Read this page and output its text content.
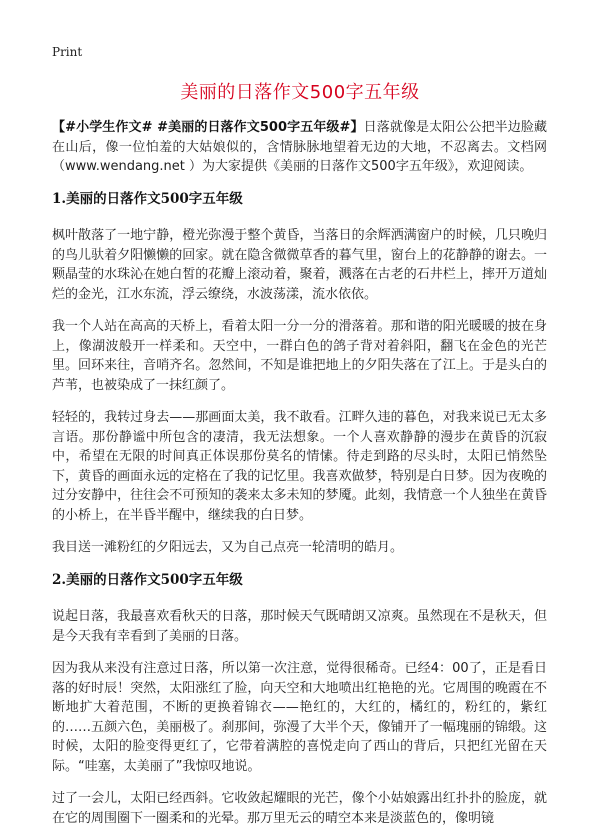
Print
美丽的日落作文500字五年级

【#小学生作文# #美丽的日落作文500字五年级#】日落就像是太阳公公把半边脸藏在山后，像一位怕羞的大姑娘似的，含情脉脉地望着无边的大地，不忍离去。文档网（www.wendang.net ）为大家提供《美丽的日落作文500字五年级》，欢迎阅读。

1.美丽的日落作文500字五年级

枫叶散落了一地宁静，橙光弥漫于整个黄昏，当落日的余辉洒满窗户的时候，几只晚归的鸟儿驮着夕阳懒懒的回家。就在隐含微微草香的暮气里，窗台上的花静静的谢去。一颗晶莹的水珠沁在她白皙的花瓣上滚动着，聚着，溅落在古老的石井栏上，摔开万道灿烂的金光，江水东流，浮云缭绕，水波荡漾，流水依依。

我一个人站在高高的天桥上，看着太阳一分一分的滑落着。那和谐的阳光暖暖的披在身上，像湖波般开一样柔和。天空中，一群白色的鸽子背对着斜阳，翻飞在金色的光芒里。回环来往，音哨齐名。忽然间，不知是谁把地上的夕阳失落在了江上。于是头白的芦苇，也被染成了一抹红颜了。

轻轻的，我转过身去——那画面太美，我不敢看。江畔久违的暮色，对我来说已无太多言语。那份静谧中所包含的凄清，我无法想象。一个人喜欢静静的漫步在黄昏的沉寂中，希望在无限的时间真正体误那份莫名的情愫。待走到路的尽头时，太阳已悄然坠下，黄昏的画面永远的定格在了我的记忆里。我喜欢做梦，特别是白日梦。因为夜晚的过分安静中，往往会不可预知的袭来太多未知的梦魇。此刻，我情意一个人独坐在黄昏的小桥上，在半昏半醒中，继续我的白日梦。

我目送一滩粉红的夕阳远去，又为自己点亮一轮清明的皓月。

2.美丽的日落作文500字五年级

说起日落，我最喜欢看秋天的日落，那时候天气既晴朗又凉爽。虽然现在不是秋天，但是今天我有幸看到了美丽的日落。

因为我从来没有注意过日落，所以第一次注意，觉得很稀奇。已经4：00了，正是看日落的好时辰！突然，太阳涨红了脸，向天空和大地喷出红艳艳的光。它周围的晚霞在不断地扩大着范围，不断的更换着锦衣——艳红的，大红的，橘红的，粉红的，紫红的……五颜六色，美丽极了。刹那间，弥漫了大半个天，像铺开了一幅瑰丽的锦缎。这时候，太阳的脸变得更红了，它带着满腔的喜悦走向了西山的背后，只把红光留在天际。“哇塞，太美丽了”我惊叹地说。

过了一会儿，太阳已经西斜。它收敛起耀眼的光芒，像个小姑娘露出红扑扑的脸庞，就在它的周围圈下一圈柔和的光晕。那万里无云的晴空本来是淡蓝色的，像明镜
